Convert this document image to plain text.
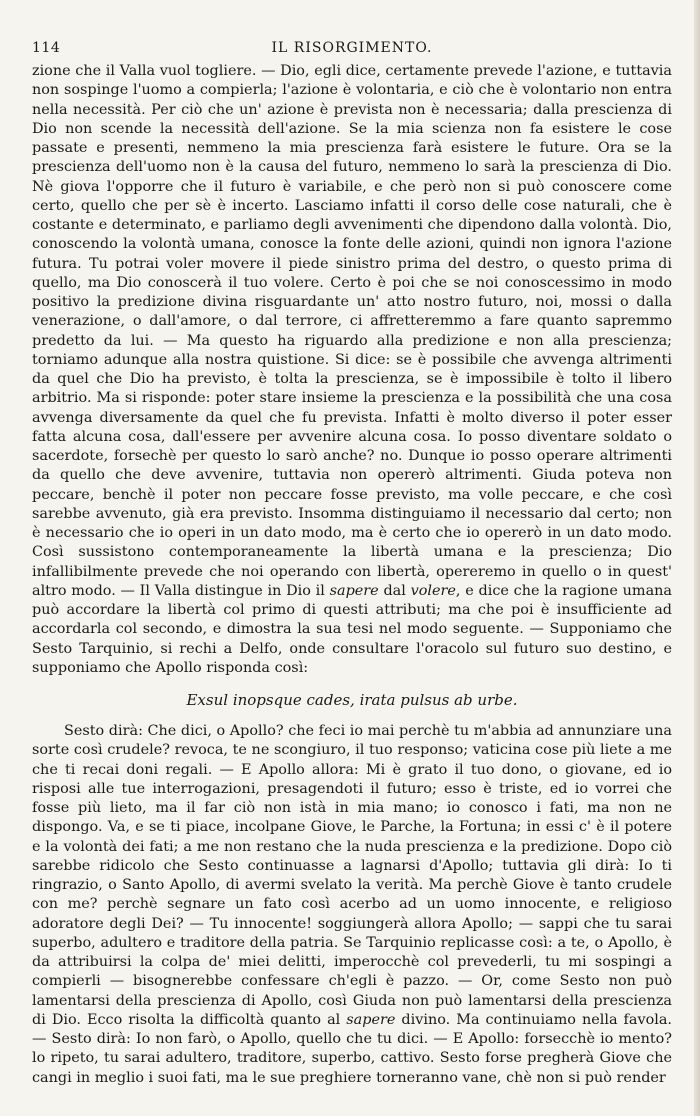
114	IL RISORGIMENTO.

zione che il Valla vuol togliere. — Dio, egli dice, certamente prevede l'azione, e tuttavia non sospinge l'uomo a compierla; l'azione è volontaria, e ciò che è volontario non entra nella necessità. Per ciò che un' azione è prevista non è necessaria; dalla prescienza di Dio non scende la necessità dell'azione. Se la mia scienza non fa esistere le cose passate e presenti, nemmeno la mia prescienza farà esistere le future. Ora se la prescienza dell'uomo non è la causa del futuro, nemmeno lo sarà la prescienza di Dio. Nè giova l'opporre che il futuro è variabile, e che però non si può conoscere come certo, quello che per sè è incerto. Lasciamo infatti il corso delle cose naturali, che è costante e determinato, e parliamo degli avvenimenti che dipendono dalla volontà. Dio, conoscendo la volontà umana, conosce la fonte delle azioni, quindi non ignora l'azione futura. Tu potrai voler movere il piede sinistro prima del destro, o questo prima di quello, ma Dio conoscerà il tuo volere. Certo è poi che se noi conoscessimo in modo positivo la predizione divina risguardante un' atto nostro futuro, noi, mossi o dalla venerazione, o dall'amore, o dal terrore, ci affretteremmo a fare quanto sapremmo predetto da lui. — Ma questo ha riguardo alla predizione e non alla prescienza; torniamo adunque alla nostra quistione. Si dice: se è possibile che avvenga altrimenti da quel che Dio ha previsto, è tolta la prescienza, se è impossibile è tolto il libero arbitrio. Ma si risponde: poter stare insieme la prescienza e la possibilità che una cosa avvenga diversamente da quel che fu prevista. Infatti è molto diverso il poter esser fatta alcuna cosa, dall'essere per avvenire alcuna cosa. Io posso diventare soldato o sacerdote, forsechè per questo lo sarò anche? no. Dunque io posso operare altrimenti da quello che deve avvenire, tuttavia non opererò altrimenti. Giuda poteva non peccare, benchè il poter non peccare fosse previsto, ma volle peccare, e che così sarebbe avvenuto, già era previsto. Insomma distinguiamo il necessario dal certo; non è necessario che io operi in un dato modo, ma è certo che io opererò in un dato modo. Così sussistono contemporaneamente la libertà umana e la prescienza; Dio infallibilmente prevede che noi operando con libertà, opereremo in quello o in quest' altro modo. — Il Valla distingue in Dio il sapere dal volere, e dice che la ragione umana può accordare la libertà col primo di questi attributi; ma che poi è insufficiente ad accordarla col secondo, e dimostra la sua tesi nel modo seguente. — Supponiamo che Sesto Tarquinio, si rechi a Delfo, onde consultare l'oracolo sul futuro suo destino, e supponiamo che Apollo risponda così:

Exsul inopsque cades, irata pulsus ab urbe.

Sesto dirà: Che dici, o Apollo? che feci io mai perchè tu m'abbia ad annunziare una sorte così crudele? revoca, te ne scongiuro, il tuo responso; vaticina cose più liete a me che ti recai doni regali. — E Apollo allora: Mi è grato il tuo dono, o giovane, ed io risposi alle tue interrogazioni, presagendoti il futuro; esso è triste, ed io vorrei che fosse più lieto, ma il far ciò non istà in mia mano; io conosco i fati, ma non ne dispongo. Va, e se ti piace, incolpane Giove, le Parche, la Fortuna; in essi c' è il potere e la volontà dei fati; a me non restano che la nuda prescienza e la predizione. Dopo ciò sarebbe ridicolo che Sesto continuasse a lagnarsi d'Apollo; tuttavia gli dirà: Io ti ringrazio, o Santo Apollo, di avermi svelato la verità. Ma perchè Giove è tanto crudele con me? perchè segnare un fato così acerbo ad un uomo innocente, e religioso adoratore degli Dei? — Tu innocente! soggiungerà allora Apollo; — sappi che tu sarai superbo, adultero e traditore della patria. Se Tarquinio replicasse così: a te, o Apollo, è da attribuirsi la colpa de' miei delitti, imperocchè col prevederli, tu mi sospingi a compierli — bisognerebbe confessare ch'egli è pazzo. — Or, come Sesto non può lamentarsi della prescienza di Apollo, così Giuda non può lamentarsi della prescienza di Dio. Ecco risolta la difficoltà quanto al sapere divino. Ma continuiamo nella favola. — Sesto dirà: Io non farò, o Apollo, quello che tu dici. — E Apollo: forsecchè io mento? lo ripeto, tu sarai adultero, traditore, superbo, cattivo. Sesto forse pregherà Giove che cangi in meglio i suoi fati, ma le sue preghiere torneranno vane, chè non si può render
